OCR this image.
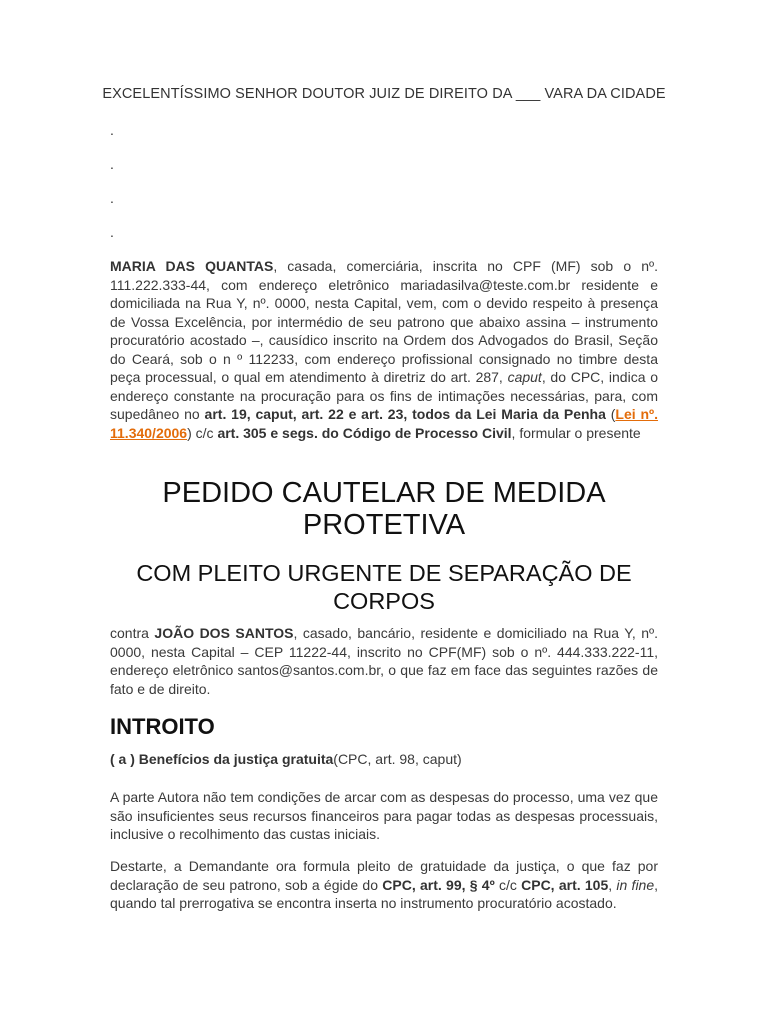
EXCELENTÍSSIMO SENHOR DOUTOR JUIZ DE DIREITO DA ___ VARA DA CIDADE
.
.
.
.
MARIA DAS QUANTAS, casada, comerciária, inscrita no CPF (MF) sob o nº. 111.222.333-44, com endereço eletrônico mariadasilva@teste.com.br residente e domiciliada na Rua Y, nº. 0000, nesta Capital, vem, com o devido respeito à presença de Vossa Excelência, por intermédio de seu patrono que abaixo assina – instrumento procuratório acostado –, causídico inscrito na Ordem dos Advogados do Brasil, Seção do Ceará, sob o n º 112233, com endereço profissional consignado no timbre desta peça processual, o qual em atendimento à diretriz do art. 287, caput, do CPC, indica o endereço constante na procuração para os fins de intimações necessárias, para, com supedâneo no art. 19, caput, art. 22 e art. 23, todos da Lei Maria da Penha (Lei nº. 11.340/2006) c/c art. 305 e segs. do Código de Processo Civil, formular o presente
PEDIDO CAUTELAR DE MEDIDA PROTETIVA
COM PLEITO URGENTE DE SEPARAÇÃO DE CORPOS
contra JOÃO DOS SANTOS, casado, bancário, residente e domiciliado na Rua Y, nº. 0000, nesta Capital – CEP 11222-44, inscrito no CPF(MF) sob o nº. 444.333.222-11, endereço eletrônico santos@santos.com.br, o que faz em face das seguintes razões de fato e de direito.
INTROITO
( a ) Benefícios da justiça gratuita(CPC, art. 98, caput)
A parte Autora não tem condições de arcar com as despesas do processo, uma vez que são insuficientes seus recursos financeiros para pagar todas as despesas processuais, inclusive o recolhimento das custas iniciais.
Destarte, a Demandante ora formula pleito de gratuidade da justiça, o que faz por declaração de seu patrono, sob a égide do CPC, art. 99, § 4º c/c CPC, art. 105, in fine, quando tal prerrogativa se encontra inserta no instrumento procuratório acostado.
